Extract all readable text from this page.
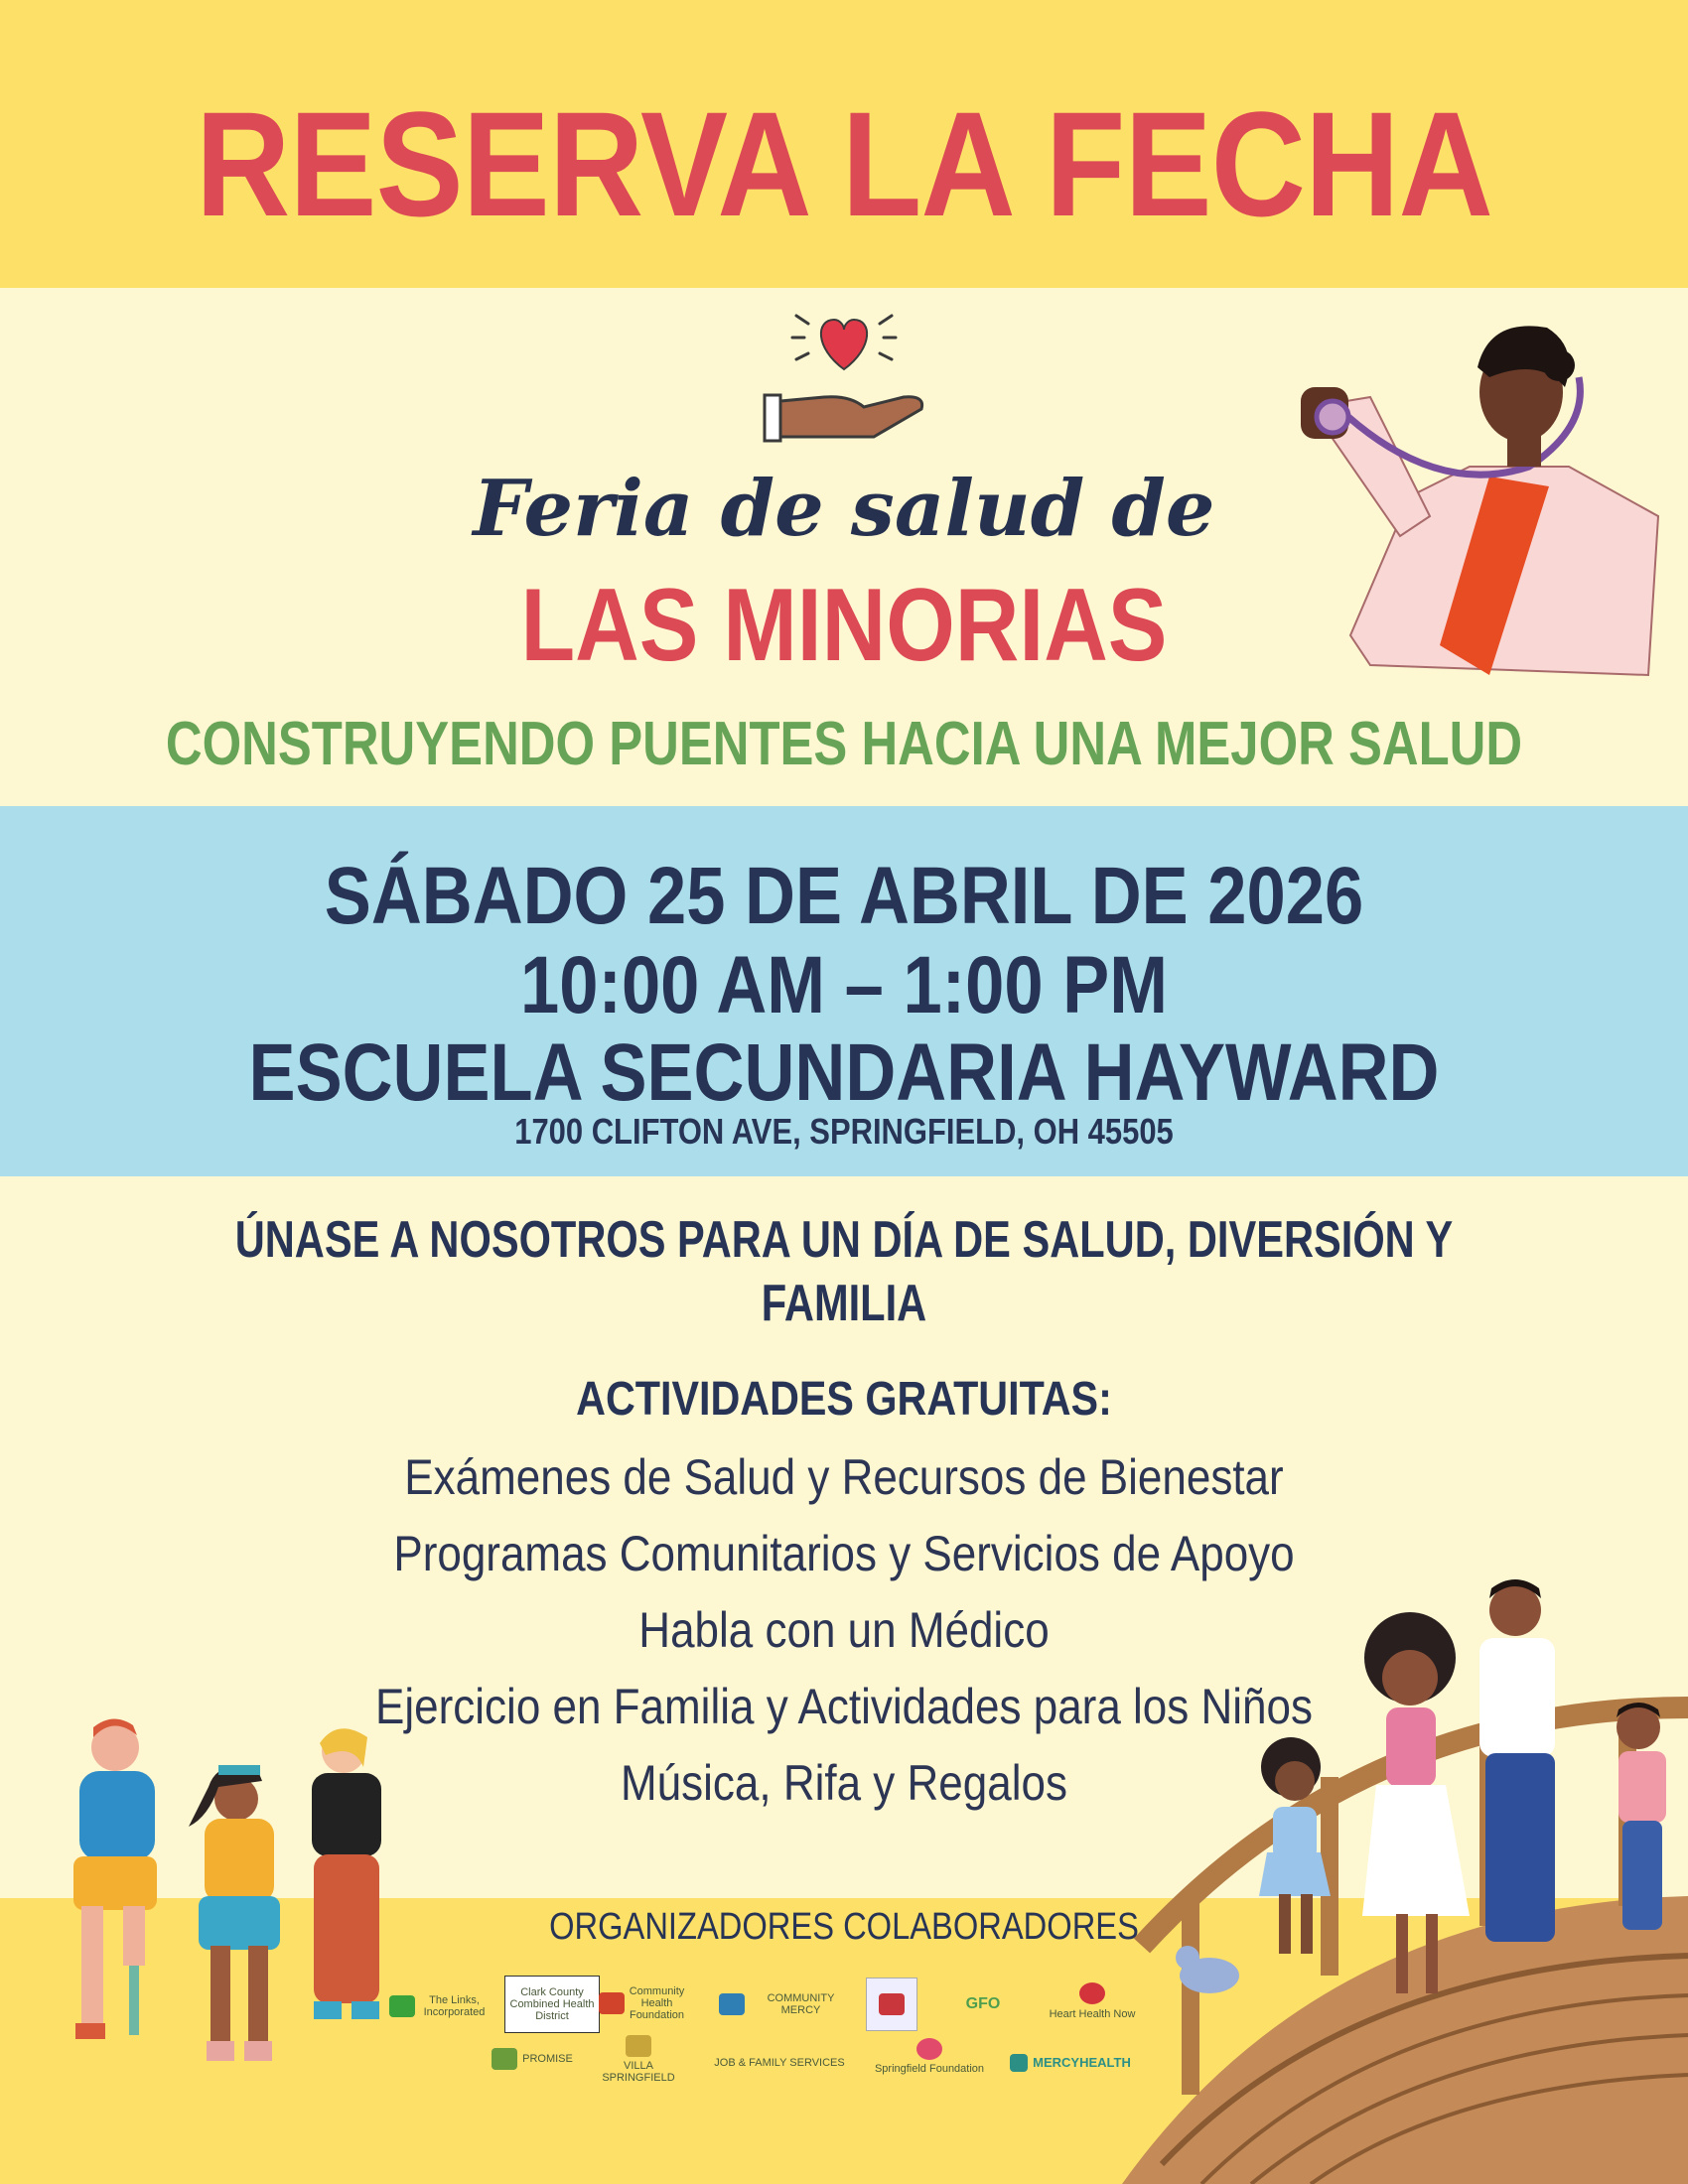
RESERVA LA FECHA

Feria de salud de

LAS MINORIAS

CONSTRUYENDO PUENTES HACIA UNA MEJOR SALUD

SÁBADO 25 DE ABRIL DE 2026

10:00 AM – 1:00 PM

ESCUELA SECUNDARIA HAYWARD

1700 CLIFTON AVE, SPRINGFIELD, OH 45505

ÚNASE A NOSOTROS PARA UN DÍA DE SALUD, DIVERSIÓN Y FAMILIA

ACTIVIDADES GRATUITAS:

Exámenes de Salud y Recursos de Bienestar
Programas Comunitarios y Servicios de Apoyo
Habla con un Médico
Ejercicio en Familia y Actividades para los Niños
Música, Rifa y Regalos

ORGANIZADORES COLABORADORES

The Links, Incorporated
Clark County Combined Health District
Community Health Foundation
COMMUNITY MERCY	GFO
Heart Health Now
PROMISE
VILLA SPRINGFIELD
JOB & FAMILY SERVICES	Springfield Foundation	MERCYHEALTH
